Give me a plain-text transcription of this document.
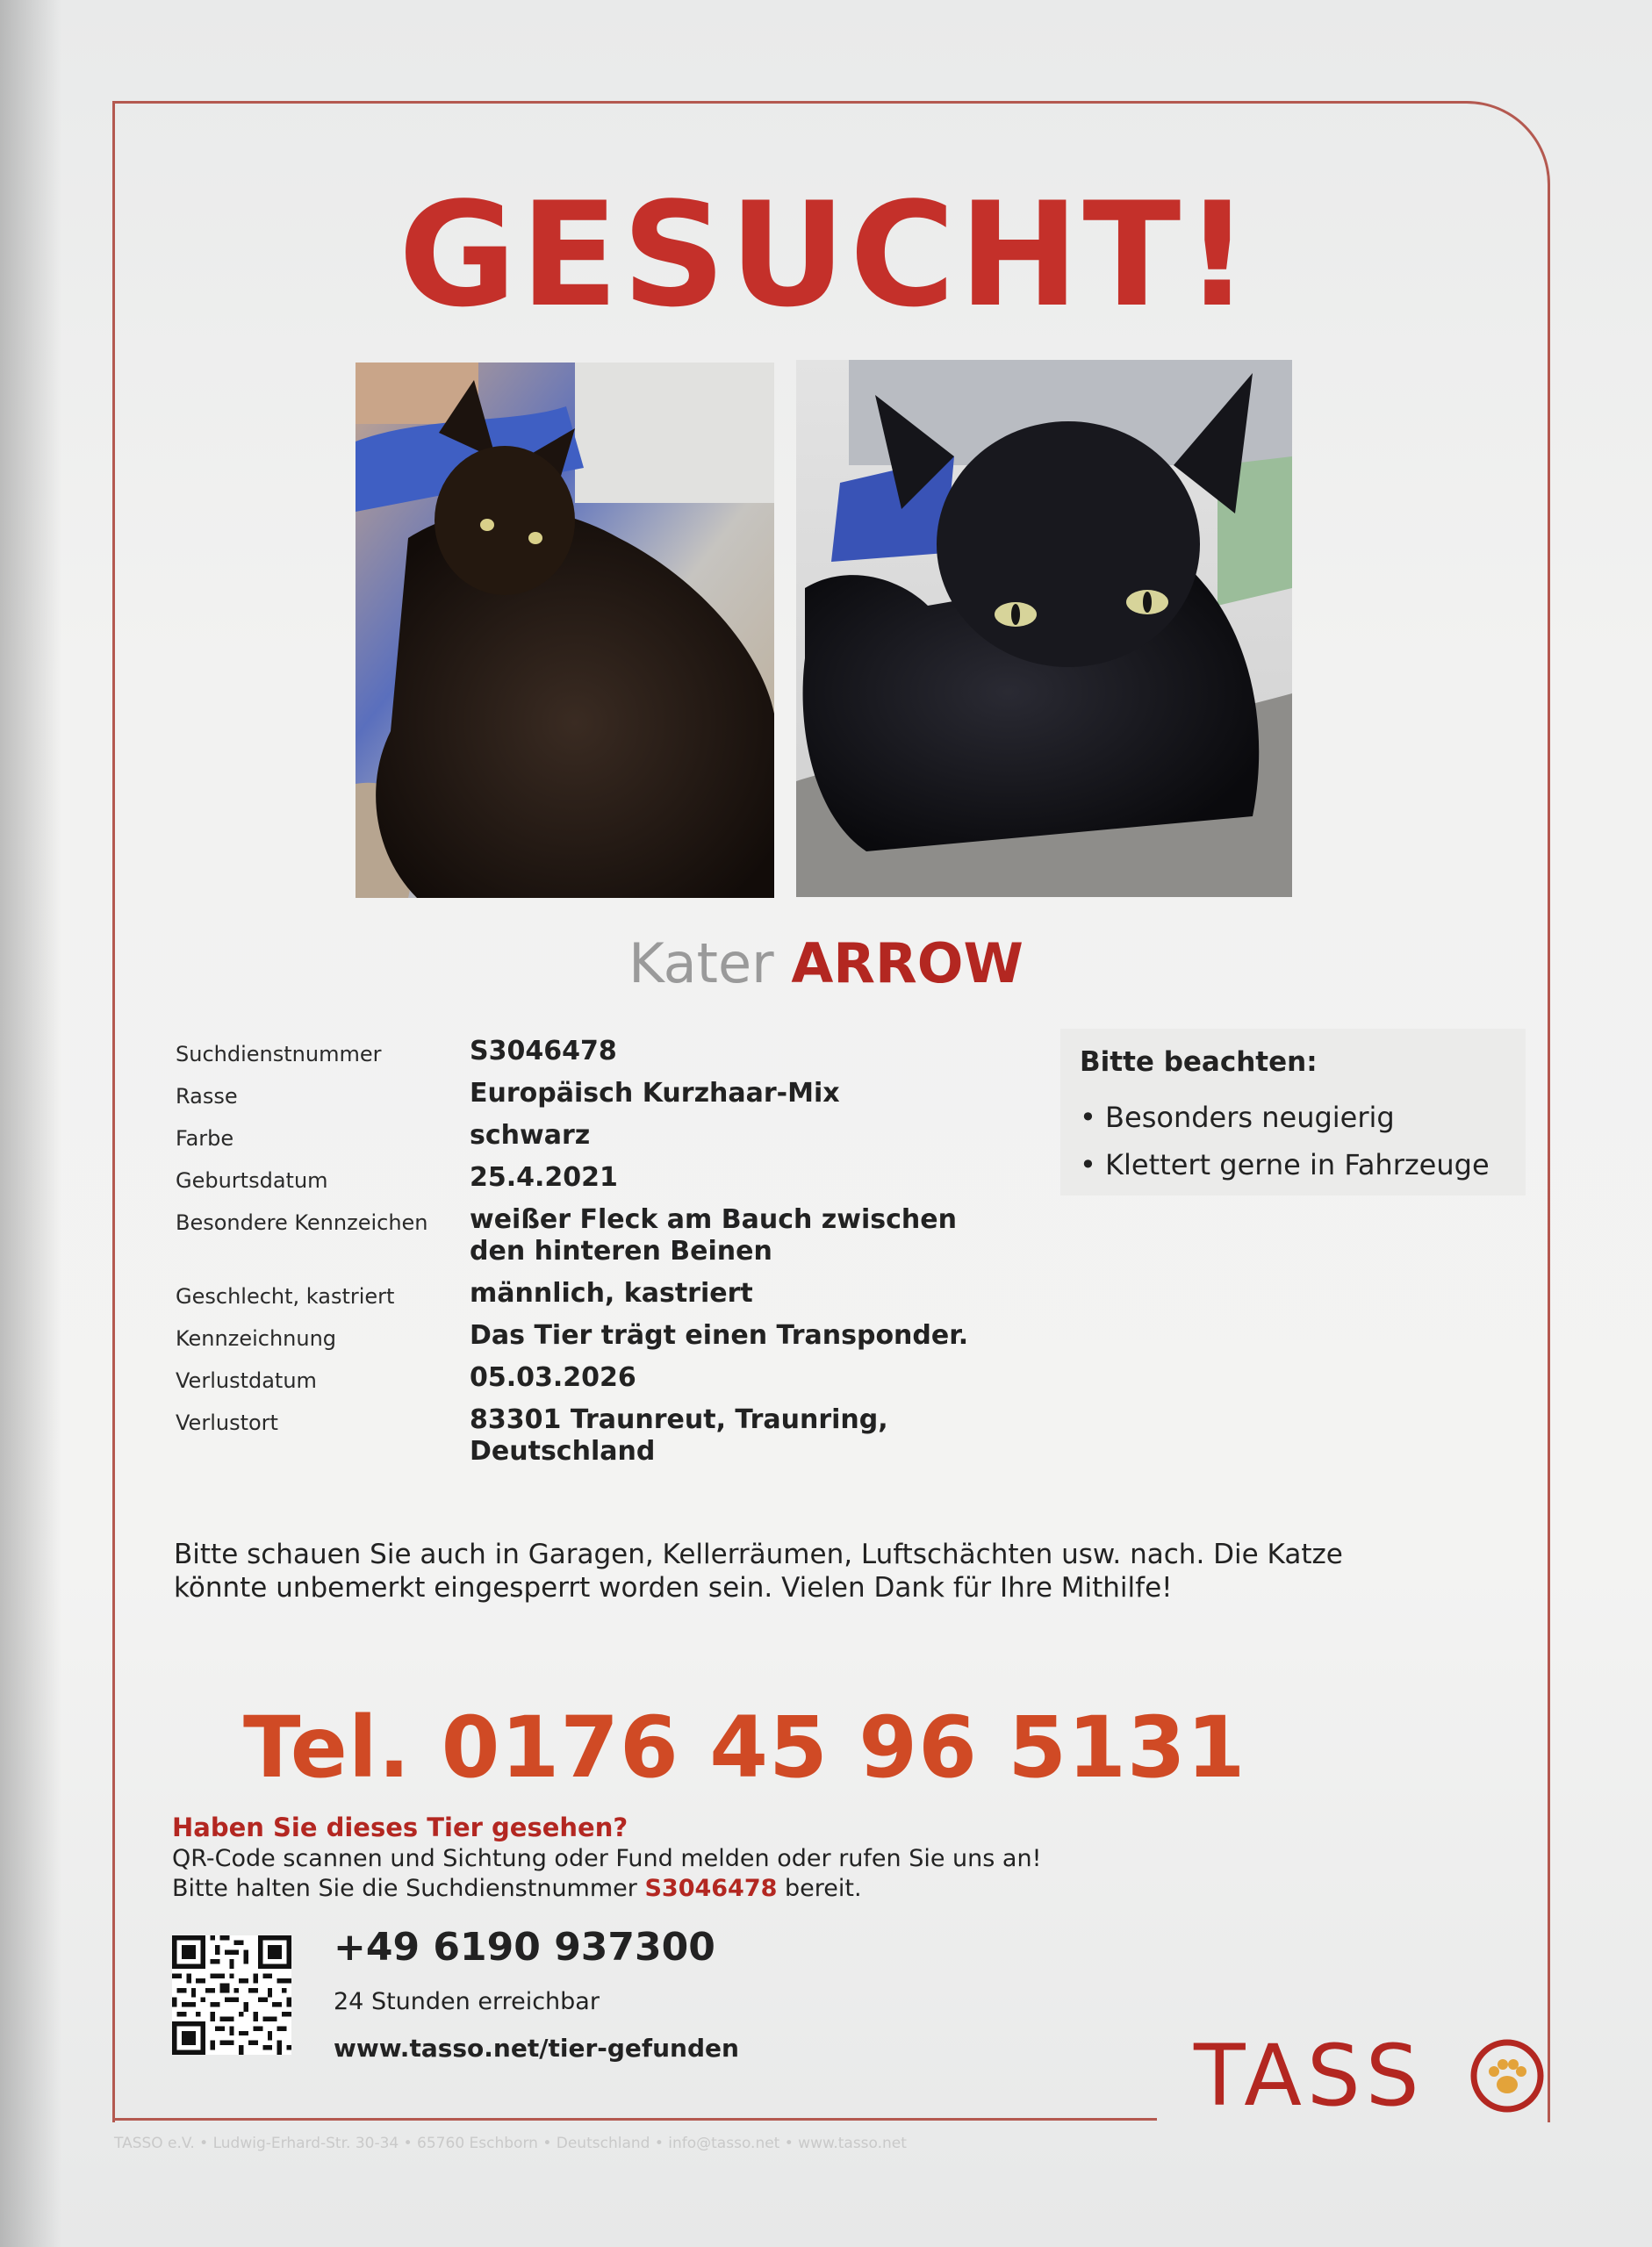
GESUCHT!
Kater ARROW
Suchdienstnummer	S3046478
Rasse	Europäisch Kurzhaar-Mix
Farbe	schwarz
Geburtsdatum	25.4.2021
Besondere Kennzeichen	weißer Fleck am Bauch zwischen den hinteren Beinen
Geschlecht, kastriert	männlich, kastriert
Kennzeichnung	Das Tier trägt einen Transponder.
Verlustdatum	05.03.2026
Verlustort	83301 Traunreut, Traunring, Deutschland
Bitte beachten:
• Besonders neugierig
• Klettert gerne in Fahrzeuge
Bitte schauen Sie auch in Garagen, Kellerräumen, Luftschächten usw. nach. Die Katze könnte unbemerkt eingesperrt worden sein. Vielen Dank für Ihre Mithilfe!
Tel. 0176 45 96 5131
Haben Sie dieses Tier gesehen?
QR-Code scannen und Sichtung oder Fund melden oder rufen Sie uns an!
Bitte halten Sie die Suchdienstnummer S3046478 bereit.
+49 6190 937300
24 Stunden erreichbar
www.tasso.net/tier-gefunden	TASS
TASSO e.V. • Ludwig-Erhard-Str. 30-34 • 65760 Eschborn • Deutschland • info@tasso.net • www.tasso.net
